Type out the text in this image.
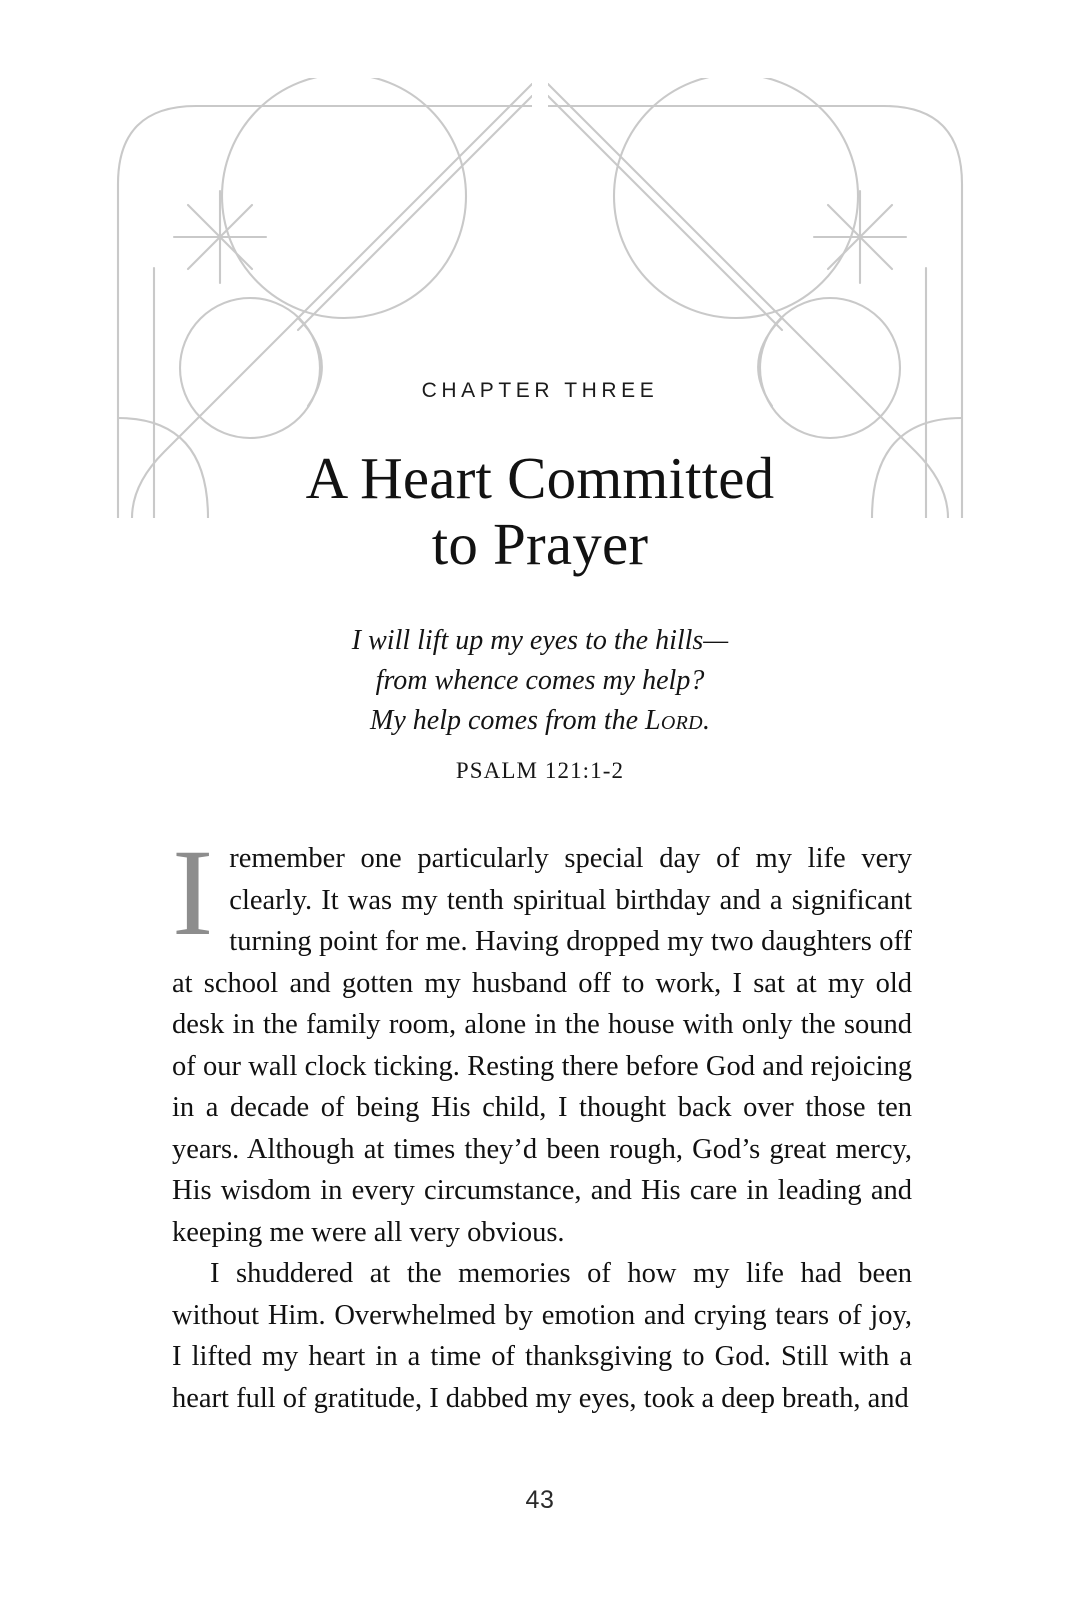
CHAPTER THREE
A Heart Committed
to Prayer
I will lift up my eyes to the hills—
from whence comes my help?
My help comes from the Lord.
PSALM 121:1-2

Iremember one particularly special day of my life very clearly. It was my tenth spiritual birthday and a significant turning point for me. Having dropped my two daughters off at school and gotten my husband off to work, I sat at my old desk in the family room, alone in the house with only the sound of our wall clock ticking. Resting there before God and rejoicing in a decade of being His child, I thought back over those ten years. Although at times they’d been rough, God’s great mercy, His wisdom in every circumstance, and His care in leading and keeping me were all very obvious.

I shuddered at the memories of how my life had been without Him. Overwhelmed by emotion and crying tears of joy, I lifted my heart in a time of thanksgiving to God. Still with a heart full of gratitude, I dabbed my eyes, took a deep breath, and

43
